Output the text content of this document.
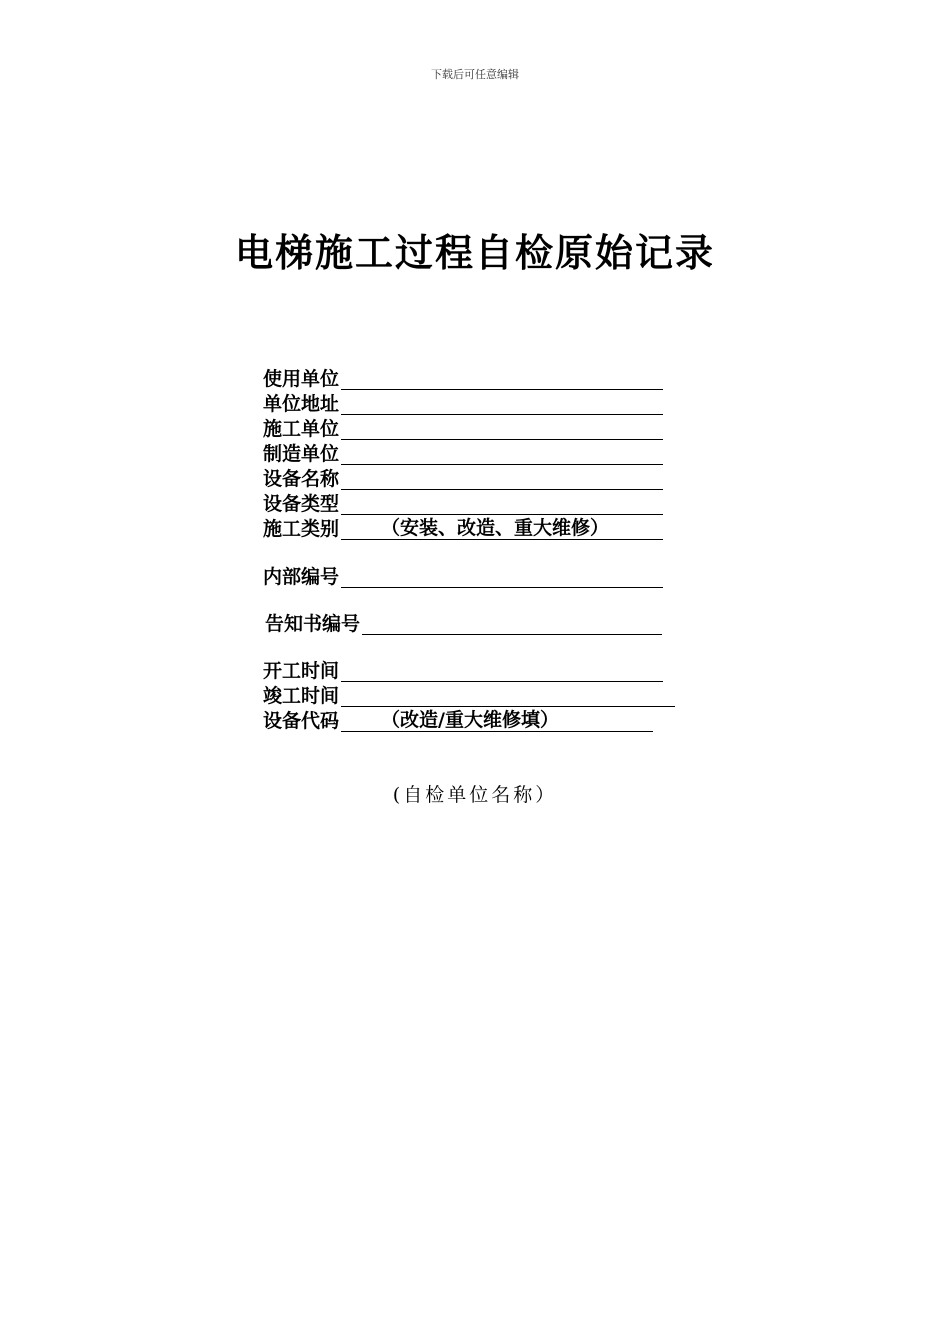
下载后可任意编辑
电梯施工过程自检原始记录
使用单位
单位地址
施工单位
制造单位
设备名称
设备类型
施工类别	（安装、改造、重大维修）
内部编号
告知书编号
开工时间
竣工时间
设备代码	（改造/重大维修填）
(自检单位名称）
